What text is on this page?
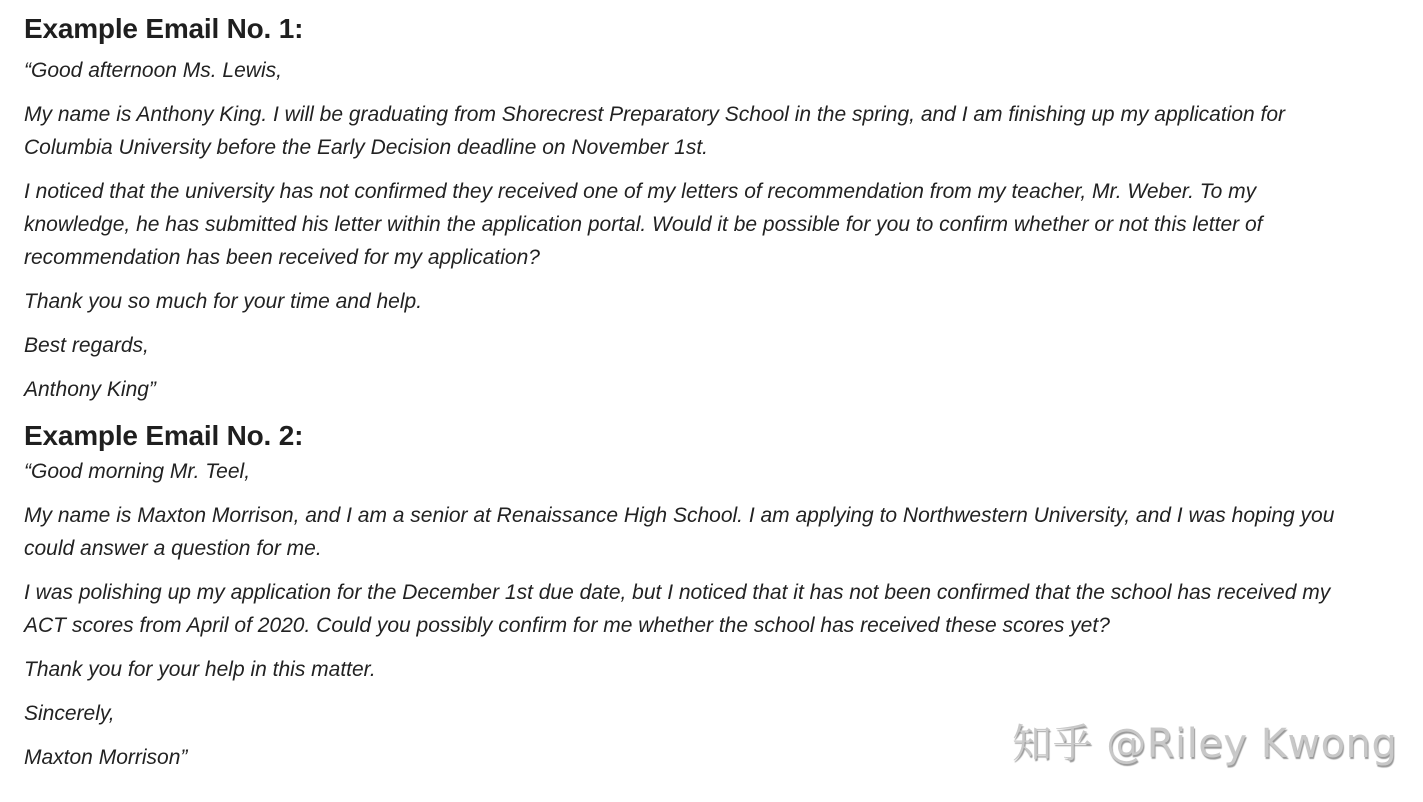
Example Email No. 1:

“Good afternoon Ms. Lewis,

My name is Anthony King. I will be graduating from Shorecrest Preparatory School in the spring, and I am finishing up my application for
Columbia University before the Early Decision deadline on November 1st.

I noticed that the university has not confirmed they received one of my letters of recommendation from my teacher, Mr. Weber. To my
knowledge, he has submitted his letter within the application portal. Would it be possible for you to confirm whether or not this letter of
recommendation has been received for my application?

Thank you so much for your time and help.

Best regards,

Anthony King”

Example Email No. 2:

“Good morning Mr. Teel,

My name is Maxton Morrison, and I am a senior at Renaissance High School. I am applying to Northwestern University, and I was hoping you
could answer a question for me.

I was polishing up my application for the December 1st due date, but I noticed that it has not been confirmed that the school has received my
ACT scores from April of 2020. Could you possibly confirm for me whether the school has received these scores yet?

Thank you for your help in this matter.

Sincerely,

Maxton Morrison”	知乎 @Riley Kwong
